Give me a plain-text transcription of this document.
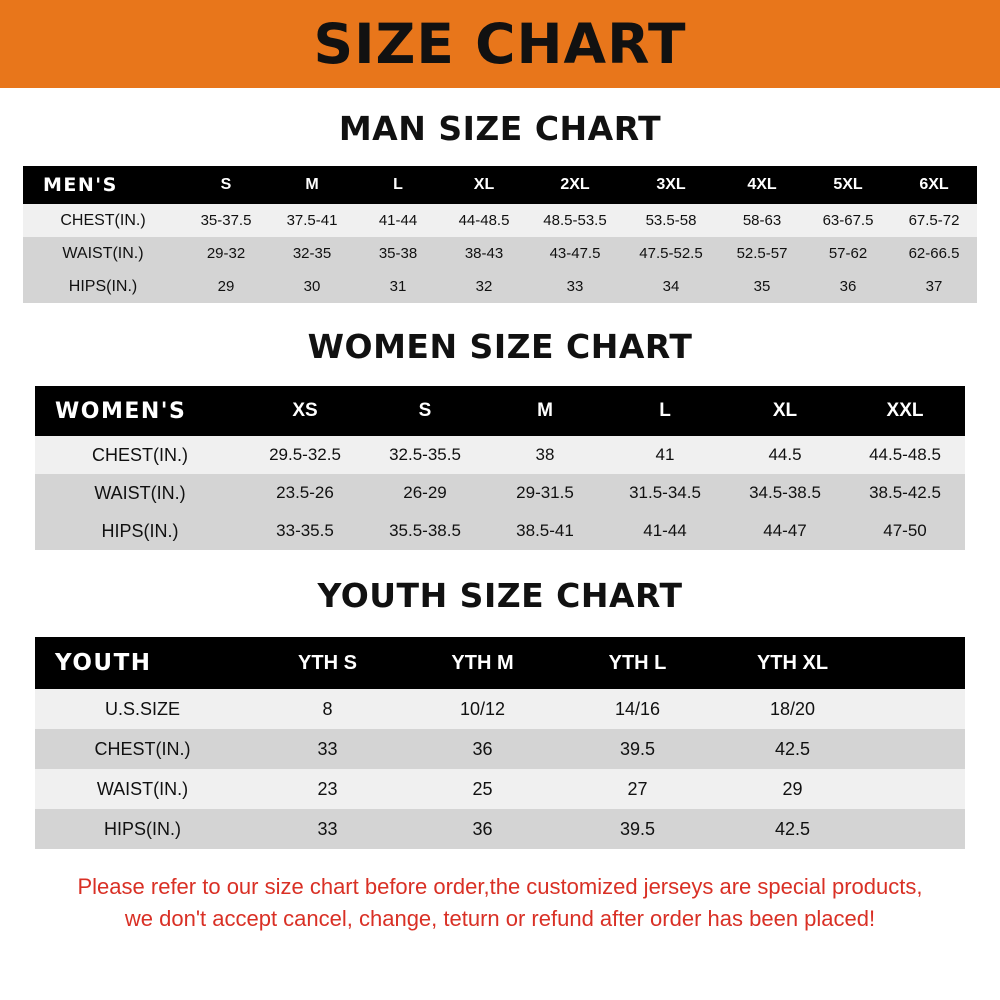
SIZE CHART
MAN SIZE CHART
MEN'S	S	M	L	XL	2XL	3XL	4XL	5XL	6XL
CHEST(IN.)	35-37.5	37.5-41	41-44	44-48.5	48.5-53.5	53.5-58	58-63	63-67.5	67.5-72
WAIST(IN.)	29-32	32-35	35-38	38-43	43-47.5	47.5-52.5	52.5-57	57-62	62-66.5
HIPS(IN.)	29	30	31	32	33	34	35	36	37
WOMEN SIZE CHART
WOMEN'S	XS	S	M	L	XL	XXL
CHEST(IN.)	29.5-32.5	32.5-35.5	38	41	44.5	44.5-48.5
WAIST(IN.)	23.5-26	26-29	29-31.5	31.5-34.5	34.5-38.5	38.5-42.5
HIPS(IN.)	33-35.5	35.5-38.5	38.5-41	41-44	44-47	47-50
YOUTH SIZE CHART
YOUTH	YTH S	YTH M	YTH L	YTH XL	
U.S.SIZE	8	10/12	14/16	18/20	
CHEST(IN.)	33	36	39.5	42.5	
WAIST(IN.)	23	25	27	29	
HIPS(IN.)	33	36	39.5	42.5	
Please refer to our size chart before order,the customized jerseys are special products,
we don't accept cancel, change, teturn or refund after order has been placed!
